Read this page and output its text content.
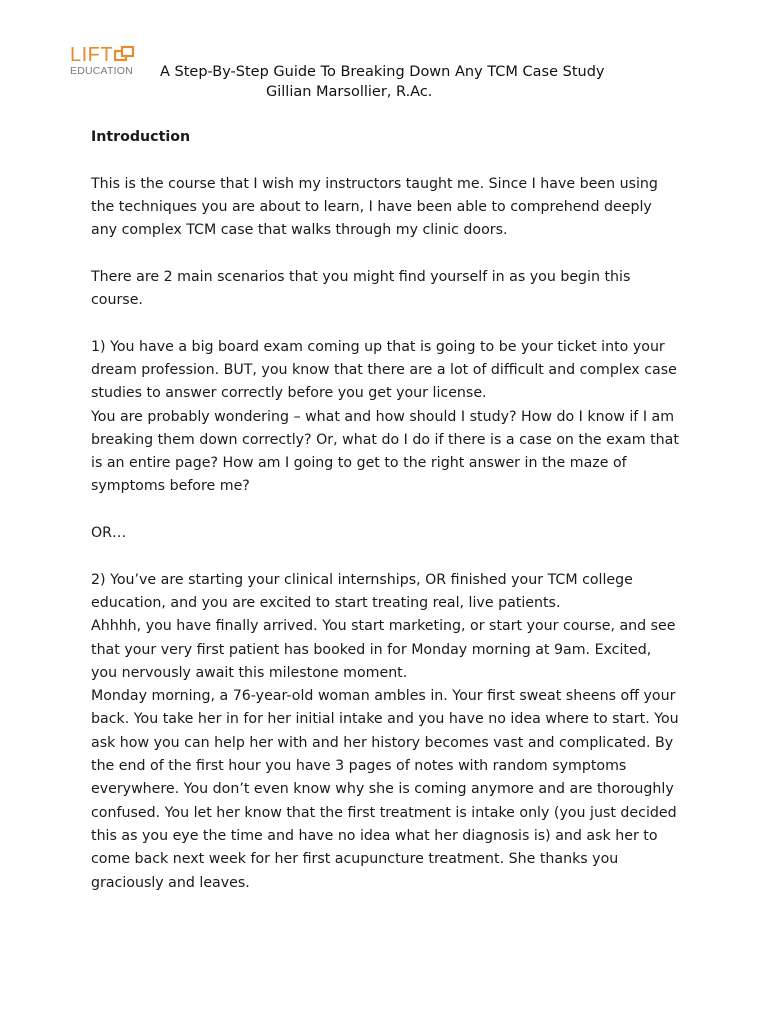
LIFT
EDUCATION A Step-By-Step Guide To Breaking Down Any TCM Case Study
Gillian Marsollier, R.Ac.

Introduction

This is the course that I wish my instructors taught me. Since I have been using the techniques you are about to learn, I have been able to comprehend deeply any complex TCM case that walks through my clinic doors.

There are 2 main scenarios that you might find yourself in as you begin this course.

1) You have a big board exam coming up that is going to be your ticket into your dream profession. BUT, you know that there are a lot of difficult and complex case studies to answer correctly before you get your license.

You are probably wondering – what and how should I study? How do I know if I am breaking them down correctly? Or, what do I do if there is a case on the exam that is an entire page? How am I going to get to the right answer in the maze of symptoms before me?

OR…

2) You’ve are starting your clinical internships, OR finished your TCM college education, and you are excited to start treating real, live patients.

Ahhhh, you have finally arrived. You start marketing, or start your course, and see that your very first patient has booked in for Monday morning at 9am. Excited, you nervously await this milestone moment.

Monday morning, a 76-year-old woman ambles in. Your first sweat sheens off your back. You take her in for her initial intake and you have no idea where to start. You ask how you can help her with and her history becomes vast and complicated. By the end of the first hour you have 3 pages of notes with random symptoms everywhere. You don’t even know why she is coming anymore and are thoroughly confused. You let her know that the first treatment is intake only (you just decided this as you eye the time and have no idea what her diagnosis is) and ask her to come back next week for her first acupuncture treatment. She thanks you graciously and leaves.
